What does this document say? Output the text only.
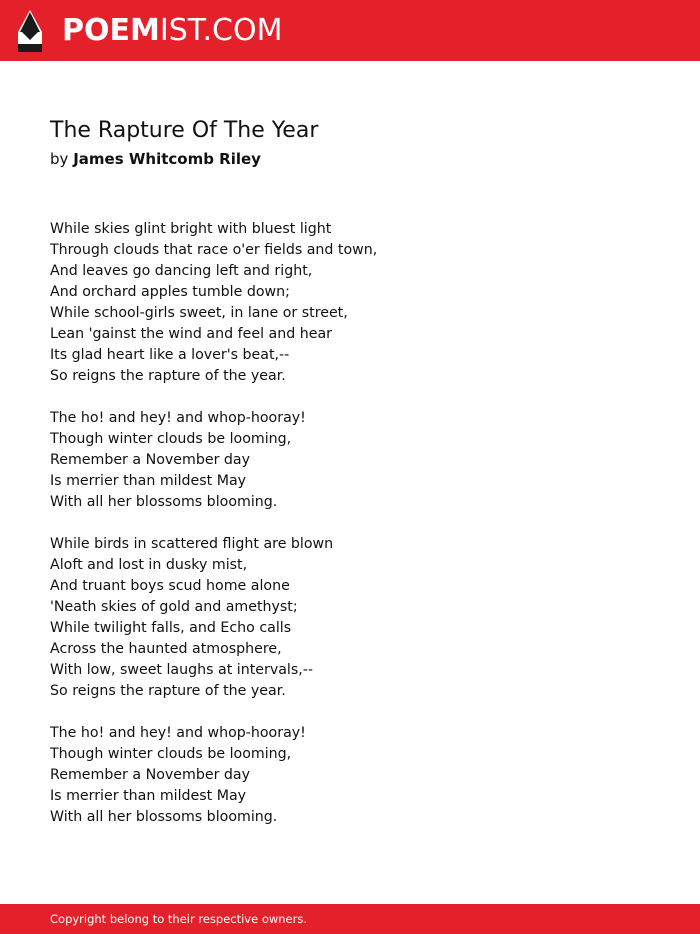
POEMIST.COM
The Rapture Of The Year
by James Whitcomb Riley
While skies glint bright with bluest light
Through clouds that race o'er fields and town,
And leaves go dancing left and right,
And orchard apples tumble down;
While school-girls sweet, in lane or street,
Lean 'gainst the wind and feel and hear
Its glad heart like a lover's beat,--
So reigns the rapture of the year.
The ho! and hey! and whop-hooray!
Though winter clouds be looming,
Remember a November day
Is merrier than mildest May
With all her blossoms blooming.
While birds in scattered flight are blown
Aloft and lost in dusky mist,
And truant boys scud home alone
'Neath skies of gold and amethyst;
While twilight falls, and Echo calls
Across the haunted atmosphere,
With low, sweet laughs at intervals,--
So reigns the rapture of the year.
The ho! and hey! and whop-hooray!
Though winter clouds be looming,
Remember a November day
Is merrier than mildest May
With all her blossoms blooming.
Copyright belong to their respective owners.
